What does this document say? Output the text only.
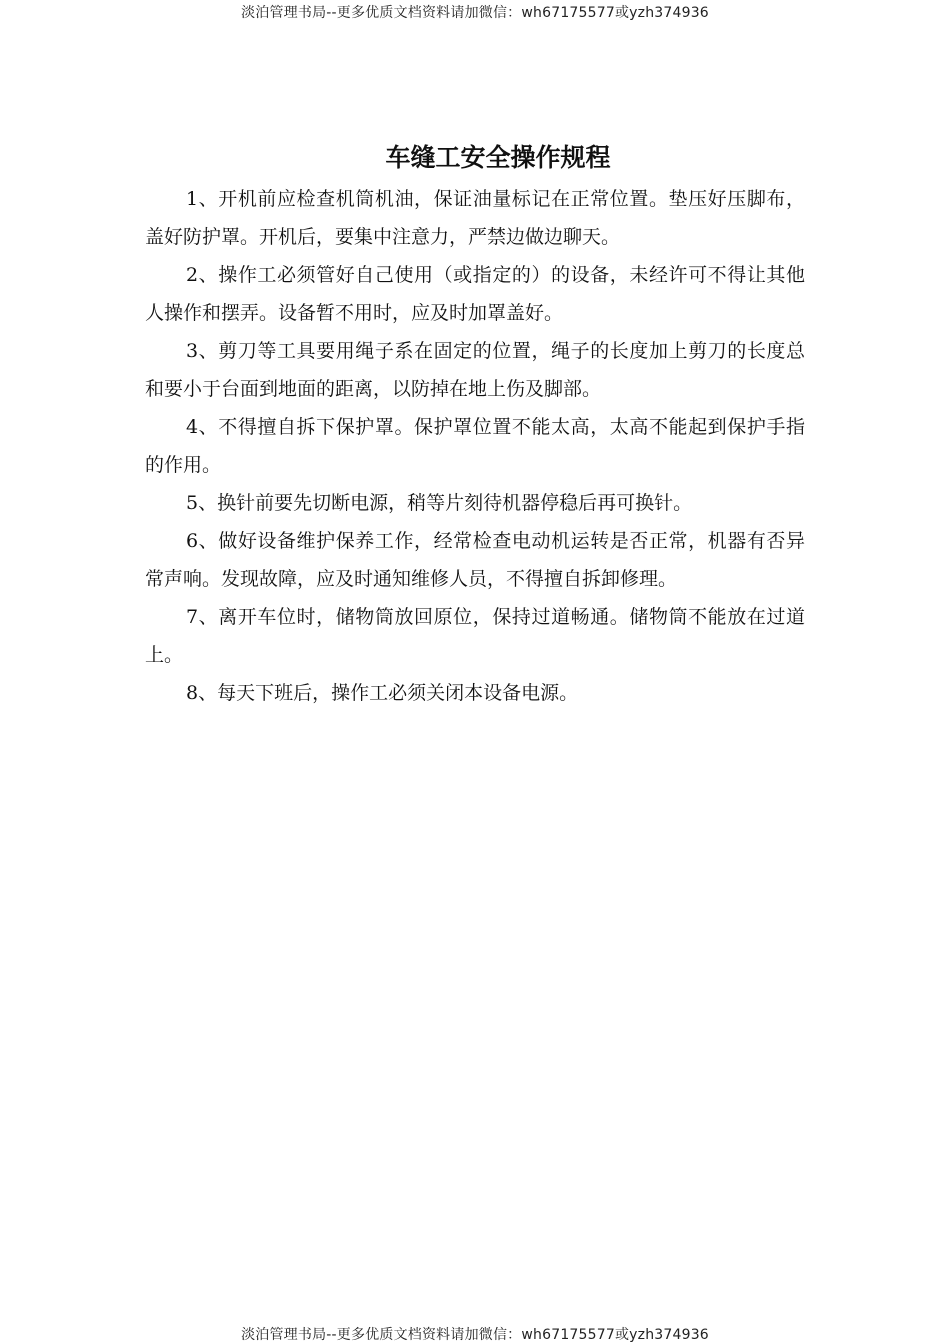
淡泊管理书局--更多优质文档资料请加微信：wh67175577或yzh374936
车缝工安全操作规程

1、开机前应检查机筒机油，保证油量标记在正常位置。垫压好压脚布，盖好防护罩。开机后，要集中注意力，严禁边做边聊天。

2、操作工必须管好自己使用（或指定的）的设备，未经许可不得让其他人操作和摆弄。设备暂不用时，应及时加罩盖好。

3、剪刀等工具要用绳子系在固定的位置，绳子的长度加上剪刀的长度总和要小于台面到地面的距离，以防掉在地上伤及脚部。

4、不得擅自拆下保护罩。保护罩位置不能太高，太高不能起到保护手指的作用。

5、换针前要先切断电源，稍等片刻待机器停稳后再可换针。

6、做好设备维护保养工作，经常检查电动机运转是否正常，机器有否异常声响。发现故障，应及时通知维修人员，不得擅自拆卸修理。

7、离开车位时，储物筒放回原位，保持过道畅通。储物筒不能放在过道上。

8、每天下班后，操作工必须关闭本设备电源。

淡泊管理书局--更多优质文档资料请加微信：wh67175577或yzh374936
